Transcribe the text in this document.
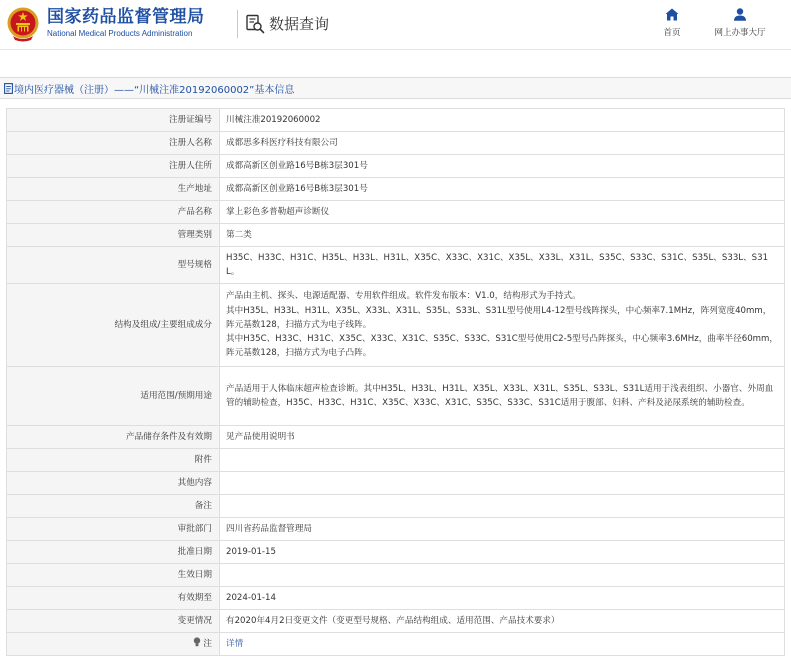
国家药品监督管理局
National Medical Products Administration
数据查询	首页	网上办事大厅
境内医疗器械（注册）——“川械注准20192060002”基本信息
注册证编号	川械注准20192060002
注册人名称	成都思多科医疗科技有限公司
注册人住所	成都高新区创业路16号B栋3层301号
生产地址	成都高新区创业路16号B栋3层301号
产品名称	掌上彩色多普勒超声诊断仪
管理类别	第二类
型号规格	H35C、H33C、H31C、H35L、H33L、H31L、X35C、X33C、X31C、X35L、X33L、X31L、S35C、S33C、S31C、S35L、S33L、S31L。
结构及组成/主要组成成分	产品由主机、探头、电源适配器、专用软件组成。软件发布版本：V1.0，结构形式为手持式。
其中H35L、H33L、H31L、X35L、X33L、X31L、S35L、S33L、S31L型号使用L4-12型号线阵探头，中心频率7.1MHz，阵列宽度40mm，阵元基数128，扫描方式为电子线阵。
其中H35C、H33C、H31C、X35C、X33C、X31C、S35C、S33C、S31C型号使用C2-5型号凸阵探头，中心频率3.6MHz，曲率半径60mm，阵元基数128，扫描方式为电子凸阵。
适用范围/预期用途	产品适用于人体临床超声检查诊断。其中H35L、H33L、H31L、X35L、X33L、X31L、S35L、S33L、S31L适用于浅表组织、小器官、外周血管的辅助检查，H35C、H33C、H31C、X35C、X33C、X31C、S35C、S33C、S31C适用于腹部、妇科、产科及泌尿系统的辅助检查。
产品储存条件及有效期	见产品使用说明书
附件	
其他内容	
备注	
审批部门	四川省药品监督管理局
批准日期	2019-01-15
生效日期	
有效期至	2024-01-14
变更情况	有2020年4月2日变更文件（变更型号规格、产品结构组成、适用范围、产品技术要求）
注	详情
